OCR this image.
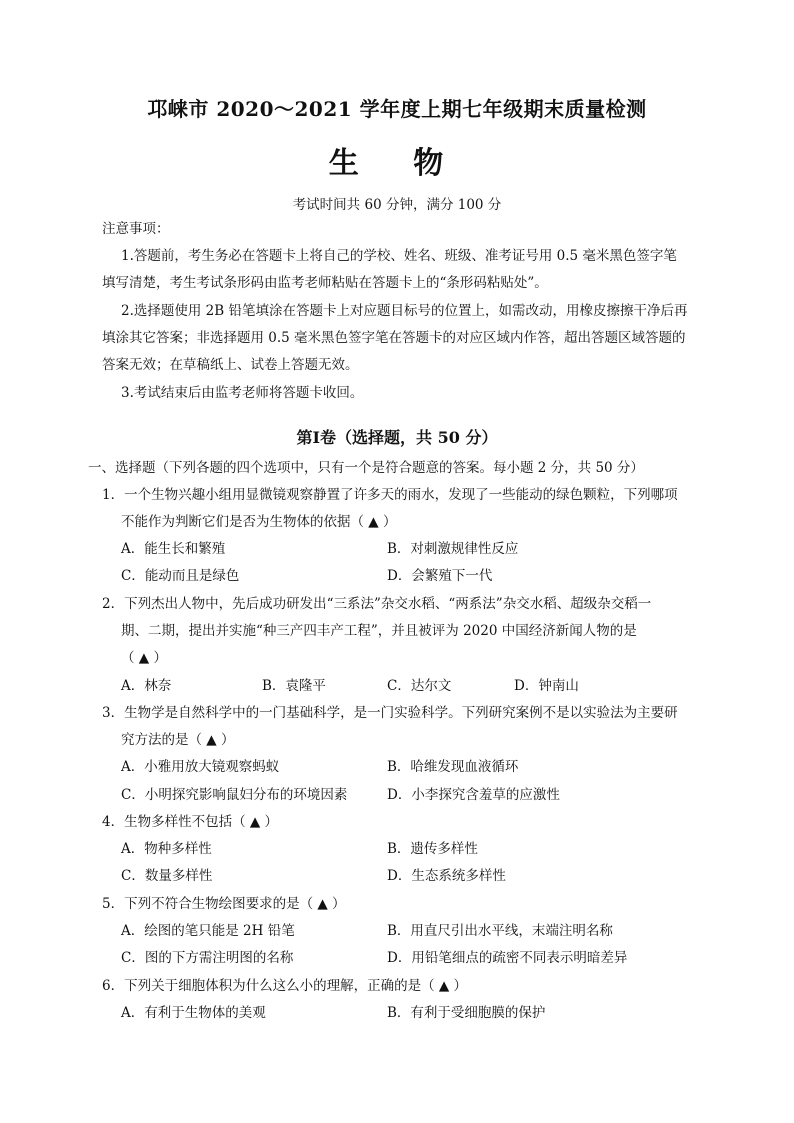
邛崃市 2020～2021 学年度上期七年级期末质量检测
生 物
考试时间共 60 分钟，满分 100 分
注意事项：
1.答题前，考生务必在答题卡上将自己的学校、姓名、班级、准考证号用 0.5 毫米黑色签字笔
填写清楚，考生考试条形码由监考老师粘贴在答题卡上的“条形码粘贴处”。
2.选择题使用 2B 铅笔填涂在答题卡上对应题目标号的位置上，如需改动，用橡皮擦擦干净后再
填涂其它答案；非选择题用 0.5 毫米黑色签字笔在答题卡的对应区域内作答，超出答题区域答题的
答案无效；在草稿纸上、试卷上答题无效。
3.考试结束后由监考老师将答题卡收回。
第Ⅰ卷（选择题，共 50 分）
一、选择题（下列各题的四个选项中，只有一个是符合题意的答案。每小题 2 分，共 50 分）
1．一个生物兴趣小组用显微镜观察静置了许多天的雨水，发现了一些能动的绿色颗粒，下列哪项
不能作为判断它们是否为生物体的依据（ ▲ ）
A．能生长和繁殖	B．对刺激规律性反应
C．能动而且是绿色	D．会繁殖下一代
2．下列杰出人物中，先后成功研发出“三系法”杂交水稻、“两系法”杂交水稻、超级杂交稻一
期、二期，提出并实施“种三产四丰产工程”，并且被评为 2020 中国经济新闻人物的是
（ ▲ ）
A．林奈	B．袁隆平	C．达尔文	D．钟南山
3．生物学是自然科学中的一门基础科学，是一门实验科学。下列研究案例不是以实验法为主要研
究方法的是（ ▲ ）
A．小雅用放大镜观察蚂蚁	B．哈维发现血液循环
C．小明探究影响鼠妇分布的环境因素	D．小李探究含羞草的应激性
4．生物多样性不包括（ ▲ ）
A．物种多样性	B．遗传多样性
C．数量多样性	D．生态系统多样性
5．下列不符合生物绘图要求的是（ ▲ ）
A．绘图的笔只能是 2H 铅笔	B．用直尺引出水平线，末端注明名称
C．图的下方需注明图的名称	D．用铅笔细点的疏密不同表示明暗差异
6．下列关于细胞体积为什么这么小的理解，正确的是（ ▲ ）
A．有利于生物体的美观	B．有利于受细胞膜的保护
